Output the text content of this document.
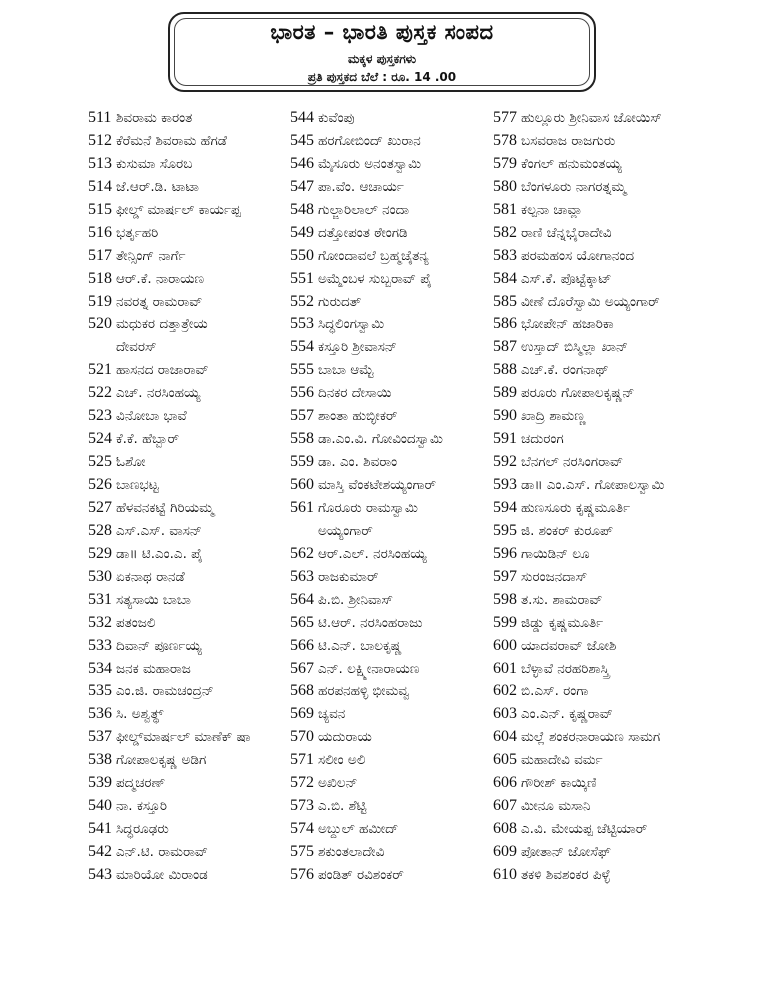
ಭಾರತ – ಭಾರತಿ ಪುಸ್ತಕ ಸಂಪದ
ಮಕ್ಕಳ ಪುಸ್ತಕಗಳು
ಪ್ರತಿ ಪುಸ್ತಕದ ಬೆಲೆ : ರೂ. 14 .00
511 ಶಿವರಾಮ ಕಾರಂತ
512 ಕೆರೆಮನೆ ಶಿವರಾಮ ಹೆಗಡೆ
513 ಕುಸುಮಾ ಸೊರಬ
514 ಜೆ.ಆರ್.ಡಿ. ಟಾಟಾ
515 ಫೀಲ್ಡ್ ಮಾರ್ಷಲ್ ಕಾರ್ಯಪ್ಪ
516 ಭರ್ತೃಹರಿ
517 ತೇನ್ಸಿಂಗ್ ನಾರ್ಗೆ
518 ಆರ್.ಕೆ. ನಾರಾಯಣ
519 ನವರತ್ನ ರಾಮರಾವ್
520 ಮಧುಕರ ದತ್ತಾತ್ರೇಯ
ದೇವರಸ್
521 ಹಾಸನದ ರಾಜಾರಾವ್
522 ಎಚ್. ನರಸಿಂಹಯ್ಯ
523 ವಿನೋಬಾ ಭಾವೆ
524 ಕೆ.ಕೆ. ಹೆಬ್ಬಾರ್
525 ಓಶೋ
526 ಬಾಣಭಟ್ಟ
527 ಹೆಳವನಕಟ್ಟೆ ಗಿರಿಯಮ್ಮ
528 ಎಸ್.ಎಸ್. ವಾಸನ್
529 ಡಾ॥ ಟಿ.ಎಂ.ಎ. ಪೈ
530 ಏಕನಾಥ ರಾನಡೆ
531 ಸತ್ಯಸಾಯಿ ಬಾಬಾ
532 ಪತಂಜಲಿ
533 ದಿವಾನ್ ಪೂರ್ಣಯ್ಯ
534 ಜನಕ ಮಹಾರಾಜ
535 ಎಂ.ಜಿ. ರಾಮಚಂದ್ರನ್
536 ಸಿ. ಅಶ್ವತ್ಥ್
537 ಫೀಲ್ಡ್‌ಮಾರ್ಷಲ್ ಮಾಣೆಕ್ ಷಾ
538 ಗೋಪಾಲಕೃಷ್ಣ ಅಡಿಗ
539 ಪದ್ಮಚರಣ್
540 ನಾ. ಕಸ್ತೂರಿ
541 ಸಿದ್ಧರೂಢರು
542 ಎನ್.ಟಿ. ರಾಮರಾವ್
543 ಮಾರಿಯೋ ಮಿರಾಂಡ
544 ಕುವೆಂಪು
545 ಹರಗೋಬಿಂದ್ ಖುರಾನ
546 ಮೈಸೂರು ಅನಂತಸ್ವಾಮಿ
547 ಪಾ.ವೆಂ. ಆಚಾರ್ಯ
548 ಗುಲ್ಜಾರಿಲಾಲ್ ನಂದಾ
549 ದತ್ತೋಪಂತ ಠೇಂಗಡಿ
550 ಗೋಂದಾವಲೆ ಬ್ರಹ್ಮಚೈತನ್ಯ
551 ಅಮ್ಮೆಂಬಳ ಸುಬ್ಬರಾವ್ ಪೈ
552 ಗುರುದತ್
553 ಸಿದ್ಧಲಿಂಗಸ್ವಾಮಿ
554 ಕಸ್ತೂರಿ ಶ್ರೀವಾಸನ್
555 ಬಾಬಾ ಆಮ್ಟೆ
556 ದಿನಕರ ದೇಸಾಯಿ
557 ಶಾಂತಾ ಹುಬ್ಳೀಕರ್
558 ಡಾ.ಎಂ.ವಿ. ಗೋವಿಂದಸ್ವಾಮಿ
559 ಡಾ. ಎಂ. ಶಿವರಾಂ
560 ಮಾಸ್ತಿ ವೆಂಕಟೇಶಯ್ಯಂಗಾರ್
561 ಗೊರೂರು ರಾಮಸ್ವಾಮಿ
ಅಯ್ಯಂಗಾರ್
562 ಆರ್.ಎಲ್. ನರಸಿಂಹಯ್ಯ
563 ರಾಜಕುಮಾರ್
564 ಪಿ.ಬಿ. ಶ್ರೀನಿವಾಸ್
565 ಟಿ.ಆರ್. ನರಸಿಂಹರಾಜು
566 ಟಿ.ಎನ್. ಬಾಲಕೃಷ್ಣ
567 ಎನ್. ಲಕ್ಷ್ಮೀನಾರಾಯಣ
568 ಹರಪನಹಳ್ಳಿ ಭೀಮವ್ವ
569 ಚ್ಯವನ
570 ಯದುರಾಯ
571 ಸಲೀಂ ಅಲಿ
572 ಅಖಿಲನ್
573 ಎ.ಬಿ. ಶೆಟ್ಟಿ
574 ಅಬ್ದುಲ್ ಹಮೀದ್
575 ಶಕುಂತಲಾದೇವಿ
576 ಪಂಡಿತ್ ರವಿಶಂಕರ್
577 ಹುಲ್ಲೂರು ಶ್ರೀನಿವಾಸ ಜೋಯಿಸ್
578 ಬಸವರಾಜ ರಾಜಗುರು
579 ಕೆಂಗಲ್ ಹನುಮಂತಯ್ಯ
580 ಬೆಂಗಳೂರು ನಾಗರತ್ನಮ್ಮ
581 ಕಲ್ಪನಾ ಚಾವ್ಲಾ
582 ರಾಣಿ ಚೆನ್ನಭೈರಾದೇವಿ
583 ಪರಮಹಂಸ ಯೋಗಾನಂದ
584 ಎಸ್.ಕೆ. ಪೊಟ್ಟೆಕ್ಕಾಟ್
585 ವೀಣೆ ದೊರೆಸ್ವಾಮಿ ಅಯ್ಯಂಗಾರ್
586 ಭೋಪೇನ್ ಹಜಾರಿಕಾ
587 ಉಸ್ತಾದ್ ಬಿಸ್ಮಿಲ್ಲಾ ಖಾನ್
588 ಎಚ್.ಕೆ. ರಂಗನಾಥ್
589 ಪರೂರು ಗೋಪಾಲಕೃಷ್ಣನ್
590 ಖಾದ್ರಿ ಶಾಮಣ್ಣ
591 ಚದುರಂಗ
592 ಬೆನಗಲ್ ನರಸಿಂಗರಾವ್
593 ಡಾ॥ ಎಂ.ಎಸ್. ಗೋಪಾಲಸ್ವಾಮಿ
594 ಹುಣಸೂರು ಕೃಷ್ಣಮೂರ್ತಿ
595 ಜಿ. ಶಂಕರ್ ಕುರೂಪ್
596 ಗಾಯಿಡಿನ್ ಲೂ
597 ಸುರಂಜನದಾಸ್
598 ತ.ಸು. ಶಾಮರಾವ್
599 ಜಿಡ್ಡು ಕೃಷ್ಣಮೂರ್ತಿ
600 ಯಾದವರಾವ್ ಜೋಶಿ
601 ಬೆಳ್ಳಾವೆ ನರಹರಿಶಾಸ್ತ್ರಿ
602 ಬಿ.ಎಸ್. ರಂಗಾ
603 ಎಂ.ಎನ್. ಕೃಷ್ಣರಾವ್
604 ಮಲ್ಲೆ ಶಂಕರನಾರಾಯಣ ಸಾಮಗ
605 ಮಹಾದೇವಿ ವರ್ಮ
606 ಗೌರೀಶ್ ಕಾಯ್ಕಿಣಿ
607 ಮೀನೂ ಮಸಾನಿ
608 ಎ.ವಿ. ಮೇಯಪ್ಪ ಚೆಟ್ಟಿಯಾರ್
609 ಪೋತಾನ್ ಜೋಸೆಫ್
610 ತಕಳಿ ಶಿವಶಂಕರ ಪಿಳ್ಳೆ
